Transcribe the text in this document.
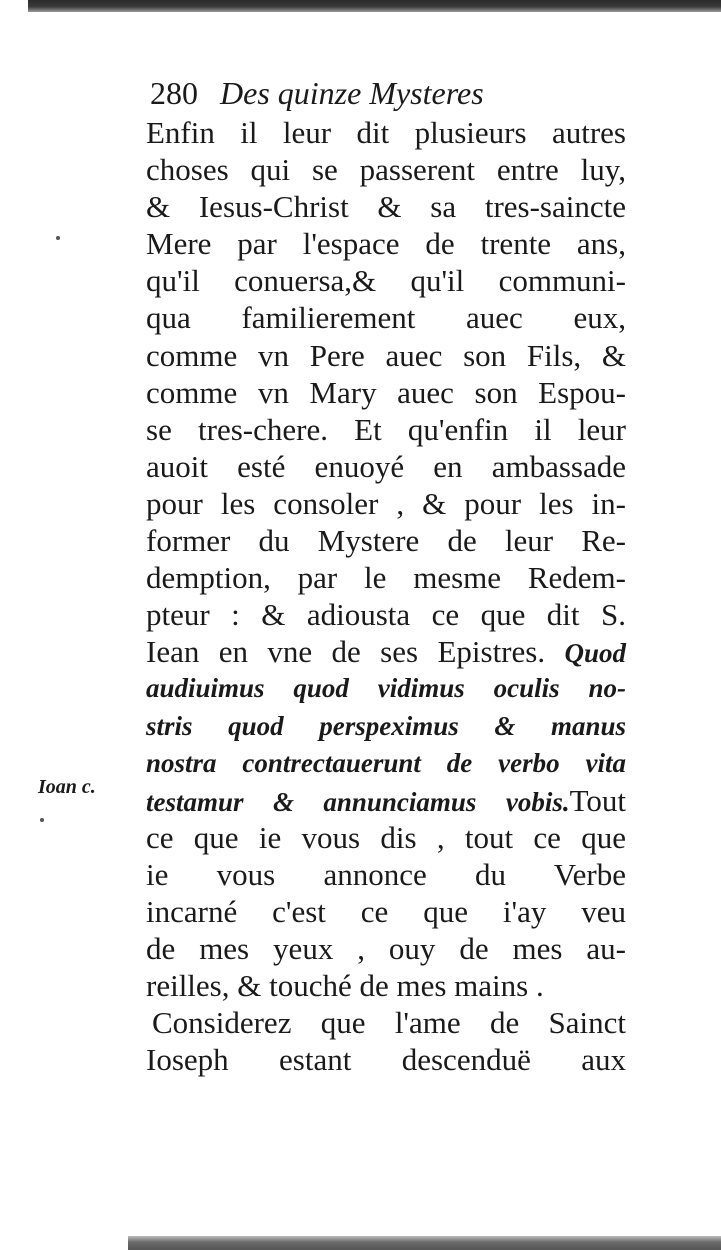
280 Des quinze Mysteres
Enfin il leur dit plusieurs autres
choses qui se passerent entre luy,
& Iesus-Christ & sa tres-saincte
Mere par l'espace de trente ans,
qu'il conuersa,& qu'il communi-
qua familierement auec eux,
comme vn Pere auec son Fils, &
comme vn Mary auec son Espou-
se tres-chere. Et qu'enfin il leur
auoit esté enuoyé en ambassade
pour les consoler , & pour les in-
former du Mystere de leur Re-
demption, par le mesme Redem-
pteur : & adiousta ce que dit S.
Iean en vne de ses Epistres. Quod
audiuimus quod vidimus oculis no-
stris quod perspeximus & manus
nostra contrectauerunt de verbo vita
testamur & annunciamus vobis.Tout
ce que ie vous dis , tout ce que
ie vous annonce du Verbe
incarné c'est ce que i'ay veu
de mes yeux , ouy de mes au-
reilles, & touché de mes mains .
Considerez que l'ame de Sainct
Ioseph estant descenduë aux
Ioan c.
